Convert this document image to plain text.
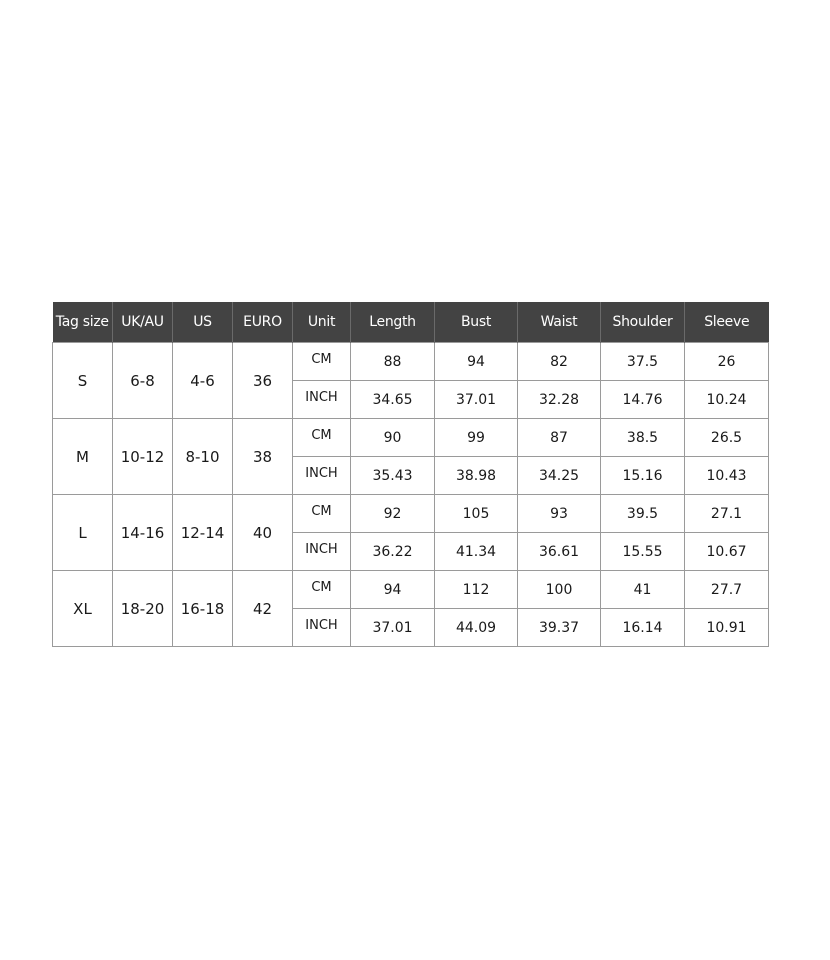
Tag size	UK/AU	US	EURO	Unit	Length	Bust	Waist	Shoulder	Sleeve
S	6-8	4-6	36	CM	88	94	82	37.5	26
				INCH	34.65	37.01	32.28	14.76	10.24
M	10-12	8-10	38	CM	90	99	87	38.5	26.5
				INCH	35.43	38.98	34.25	15.16	10.43
L	14-16	12-14	40	CM	92	105	93	39.5	27.1
				INCH	36.22	41.34	36.61	15.55	10.67
XL	18-20	16-18	42	CM	94	112	100	41	27.7
				INCH	37.01	44.09	39.37	16.14	10.91
